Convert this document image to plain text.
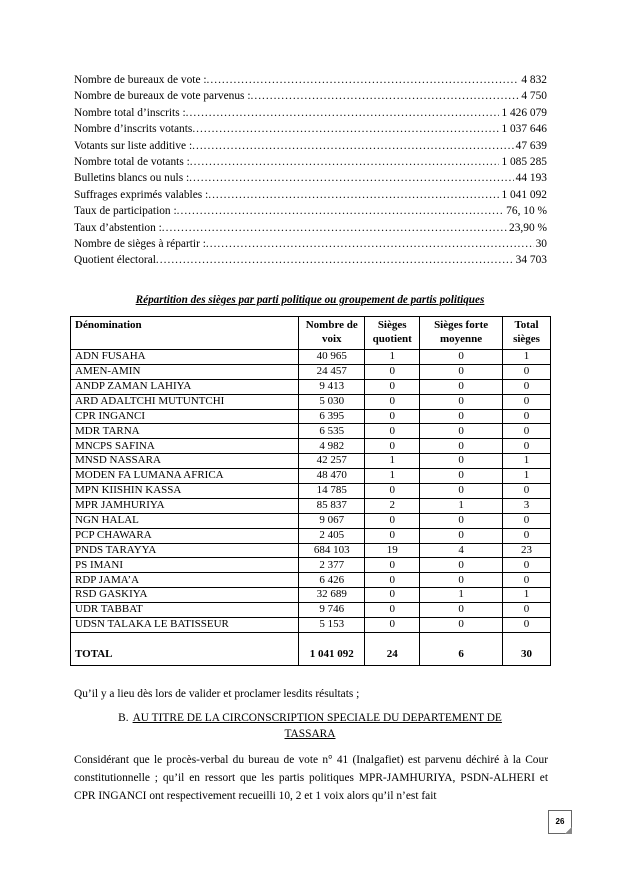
Nombre de bureaux de vote : .....	4 832
Nombre de bureaux de vote parvenus : .....	4 750
Nombre total d’inscrits : .....	1 426 079
Nombre d’inscrits votants .....	1 037 646
Votants sur liste additive : .....	47 639
Nombre total de votants : .....	1 085 285
Bulletins blancs ou nuls : .....	44 193
Suffrages exprimés valables : .....	1 041 092
Taux de participation : .....	76, 10 %
Taux d’abstention : .....	23,90 %
Nombre de sièges à répartir : .....	30
Quotient électoral .....	34 703
Répartition des sièges par parti politique ou groupement de partis politiques
Dénomination	Nombre de voix	Sièges quotient	Sièges forte moyenne	Total sièges
ADN FUSAHA	40 965	1	0	1
AMEN-AMIN	24 457	0	0	0
ANDP ZAMAN LAHIYA	9 413	0	0	0
ARD ADALTCHI MUTUNTCHI	5 030	0	0	0
CPR INGANCI	6 395	0	0	0
MDR TARNA	6 535	0	0	0
MNCPS SAFINA	4 982	0	0	0
MNSD NASSARA	42 257	1	0	1
MODEN FA LUMANA AFRICA	48 470	1	0	1
MPN KIISHIN KASSA	14 785	0	0	0
MPR JAMHURIYA	85 837	2	1	3
NGN HALAL	9 067	0	0	0
PCP CHAWARA	2 405	0	0	0
PNDS TARAYYA	684 103	19	4	23
PS IMANI	2 377	0	0	0
RDP JAMA’A	6 426	0	0	0
RSD GASKIYA	32 689	0	1	1
UDR TABBAT	9 746	0	0	0
UDSN TALAKA LE BATISSEUR	5 153	0	0	0

TOTAL	1 041 092	24	6	30
Qu’il y a lieu dès lors de valider et proclamer lesdits résultats ;
B. AU TITRE DE LA CIRCONSCRIPTION SPECIALE DU DEPARTEMENT DE
TASSARA
Considérant que le procès-verbal du bureau de vote n° 41 (Inalgafiet) est parvenu déchiré à la Cour constitutionnelle ; qu’il en ressort que les partis politiques MPR-JAMHURIYA, PSDN-ALHERI et CPR INGANCI ont respectivement recueilli 10, 2 et 1 voix alors qu’il n’est fait
26
